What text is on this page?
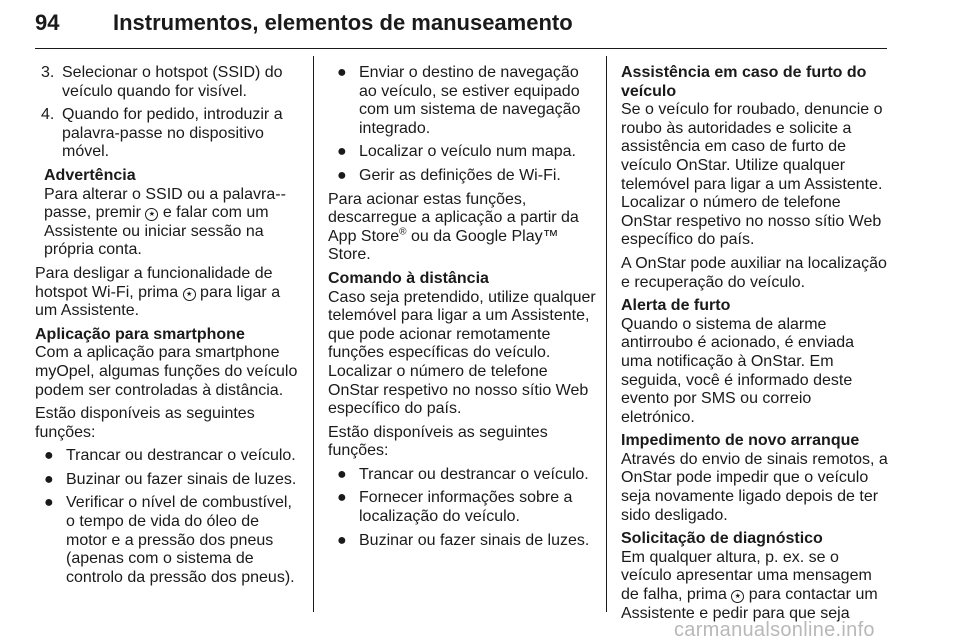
94 Instrumentos, elementos de manuseamento
3. Selecionar o hotspot (SSID) do veículo quando for visível.
4. Quando for pedido, introduzir a palavra-passe no dispositivo móvel.

Advertência

Para alterar o SSID ou a palavra--passe, premir ★ e falar com um Assistente ou iniciar sessão na própria conta.

Para desligar a funcionalidade de hotspot Wi-Fi, prima ★ para ligar a um Assistente.

Aplicação para smartphone

Com a aplicação para smartphone myOpel, algumas funções do veículo podem ser controladas à distância.

Estão disponíveis as seguintes funções:

● Trancar ou destrancar o veículo.
● Buzinar ou fazer sinais de luzes.
● Verificar o nível de combustível, o tempo de vida do óleo de motor e a pressão dos pneus (apenas com o sistema de controlo da pressão dos pneus).
● Enviar o destino de navegação ao veículo, se estiver equipado com um sistema de navegação integrado.
● Localizar o veículo num mapa.
● Gerir as definições de Wi-Fi.

Para acionar estas funções, descarregue a aplicação a partir da App Store® ou da Google Play™ Store.

Comando à distância

Caso seja pretendido, utilize qualquer telemóvel para ligar a um Assistente, que pode acionar remotamente funções específicas do veículo. Localizar o número de telefone OnStar respetivo no nosso sítio Web específico do país.

Estão disponíveis as seguintes funções:

● Trancar ou destrancar o veículo.
● Fornecer informações sobre a localização do veículo.
● Buzinar ou fazer sinais de luzes.

Assistência em caso de furto do veículo

Se o veículo for roubado, denuncie o roubo às autoridades e solicite a assistência em caso de furto de veículo OnStar. Utilize qualquer telemóvel para ligar a um Assistente. Localizar o número de telefone OnStar respetivo no nosso sítio Web específico do país.

A OnStar pode auxiliar na localização e recuperação do veículo.

Alerta de furto

Quando o sistema de alarme antirroubo é acionado, é enviada uma notificação à OnStar. Em seguida, você é informado deste evento por SMS ou correio eletrónico.

Impedimento de novo arranque

Através do envio de sinais remotos, a OnStar pode impedir que o veículo seja novamente ligado depois de ter sido desligado.

Solicitação de diagnóstico

Em qualquer altura, p. ex. se o veículo apresentar uma mensagem de falha, prima ★ para contactar um Assistente e pedir para que seja

carmanualsonline.info
